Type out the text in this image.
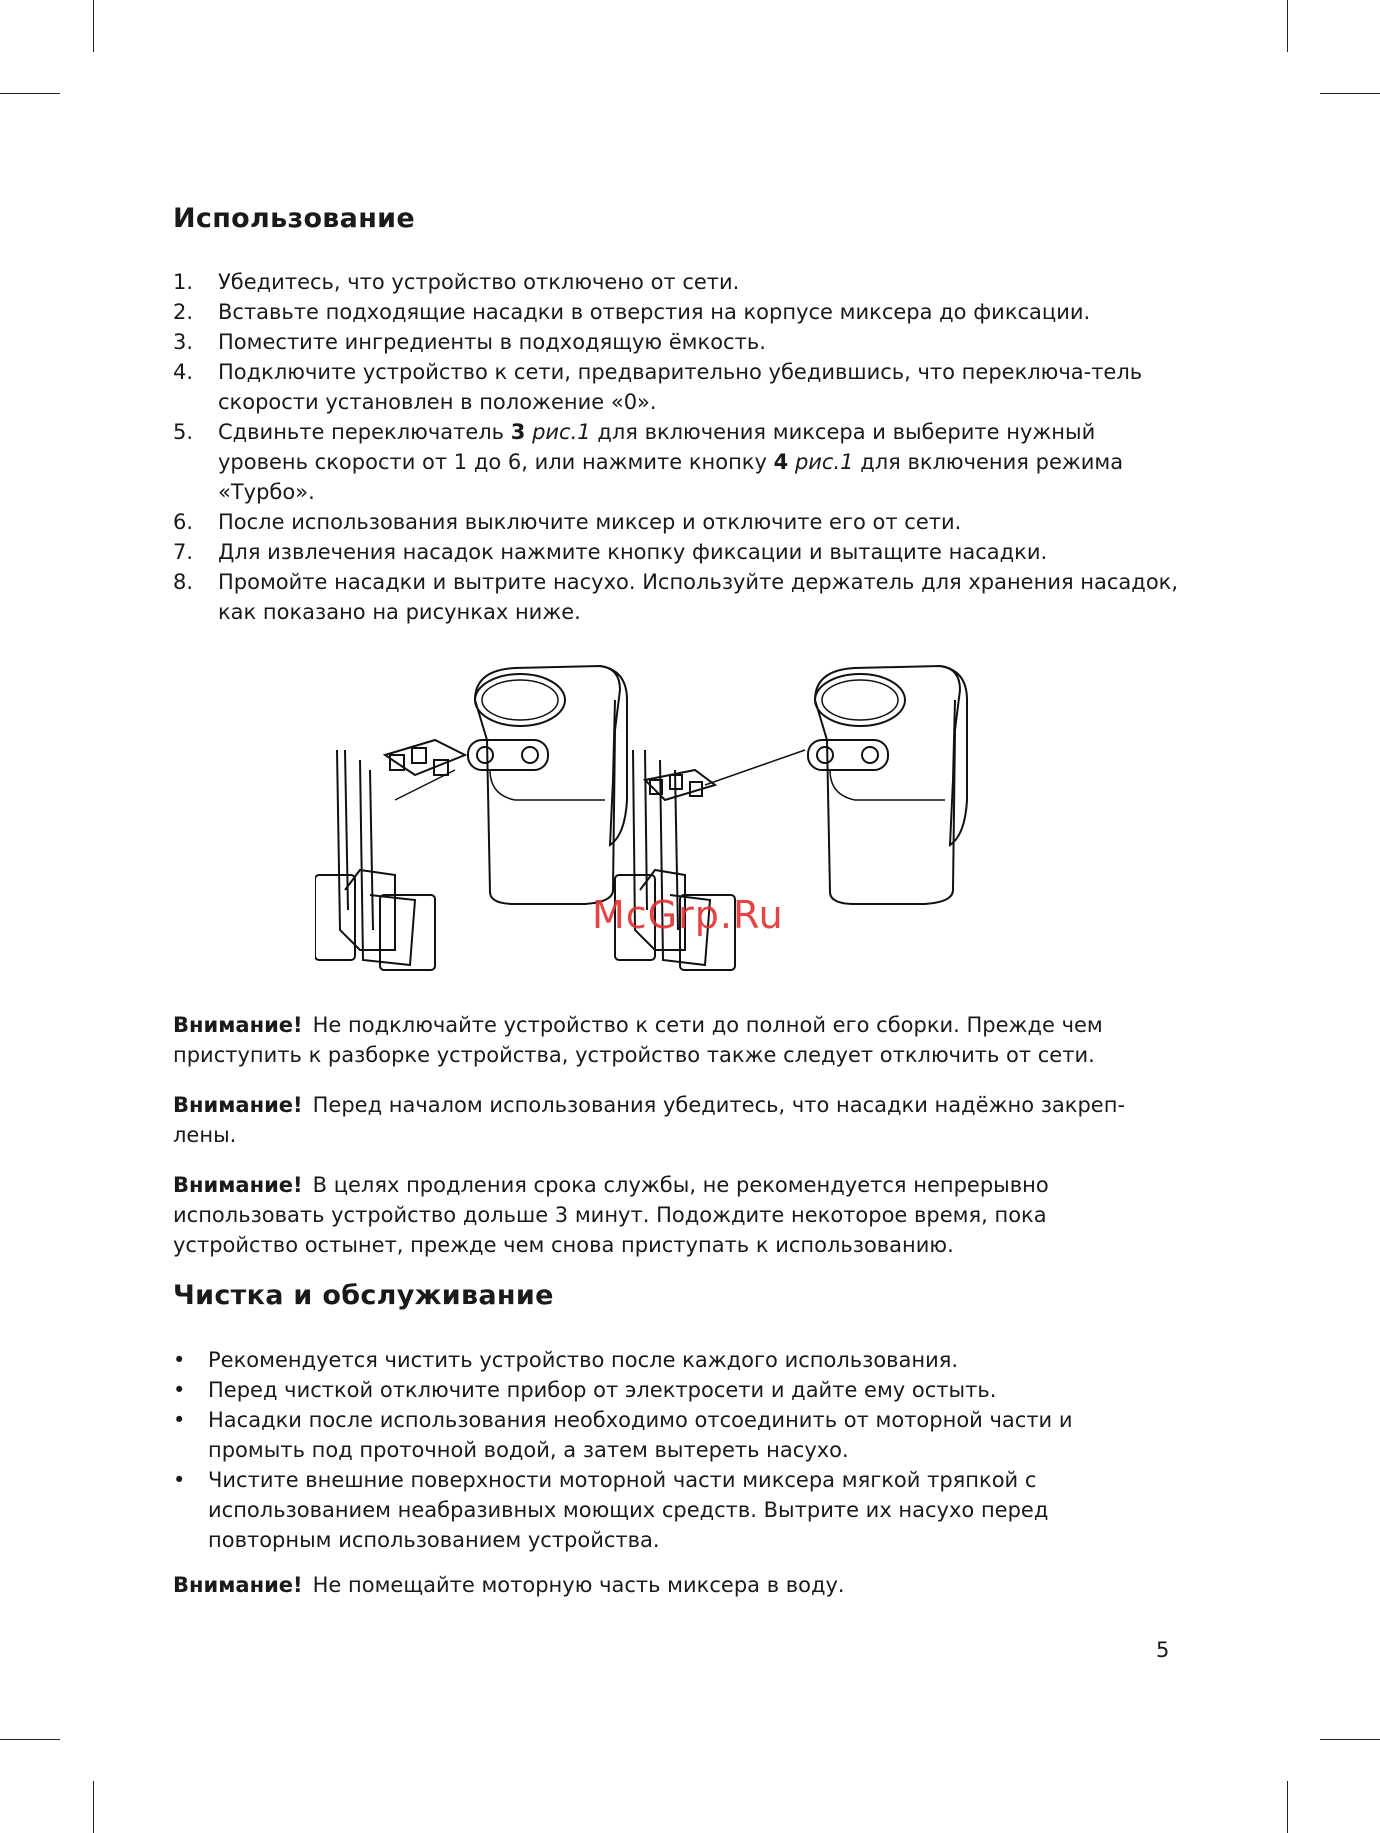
Использование
1. Убедитесь, что устройство отключено от сети.
2. Вставьте подходящие насадки в отверстия на корпусе миксера до фиксации.
3. Поместите ингредиенты в подходящую ёмкость.
4. Подключите устройство к сети, предварительно убедившись, что переключа-тель скорости установлен в положение «0».
5. Сдвиньте переключатель 3 рис.1 для включения миксера и выберите нужный уровень скорости от 1 до 6, или нажмите кнопку 4 рис.1 для включения режима «Турбо».
6. После использования выключите миксер и отключите его от сети.
7. Для извлечения насадок нажмите кнопку фиксации и вытащите насадки.
8. Промойте насадки и вытрите насухо. Используйте держатель для хранения насадок, как показано на рисунках ниже.
McGrp.Ru

Внимание! Не подключайте устройство к сети до полной его сборки. Прежде чем приступить к разборке устройства, устройство также следует отключить от сети.

Внимание! Перед началом использования убедитесь, что насадки надёжно закреп-лены.

Внимание! В целях продления срока службы, не рекомендуется непрерывно использовать устройство дольше 3 минут. Подождите некоторое время, пока устройство остынет, прежде чем снова приступать к использованию.

Чистка и обслуживание
• Рекомендуется чистить устройство после каждого использования.
• Перед чисткой отключите прибор от электросети и дайте ему остыть.
• Насадки после использования необходимо отсоединить от моторной части и промыть под проточной водой, а затем вытереть насухо.
• Чистите внешние поверхности моторной части миксера мягкой тряпкой с использованием неабразивных моющих средств. Вытрите их насухо перед повторным использованием устройства.

Внимание! Не помещайте моторную часть миксера в воду.

5
